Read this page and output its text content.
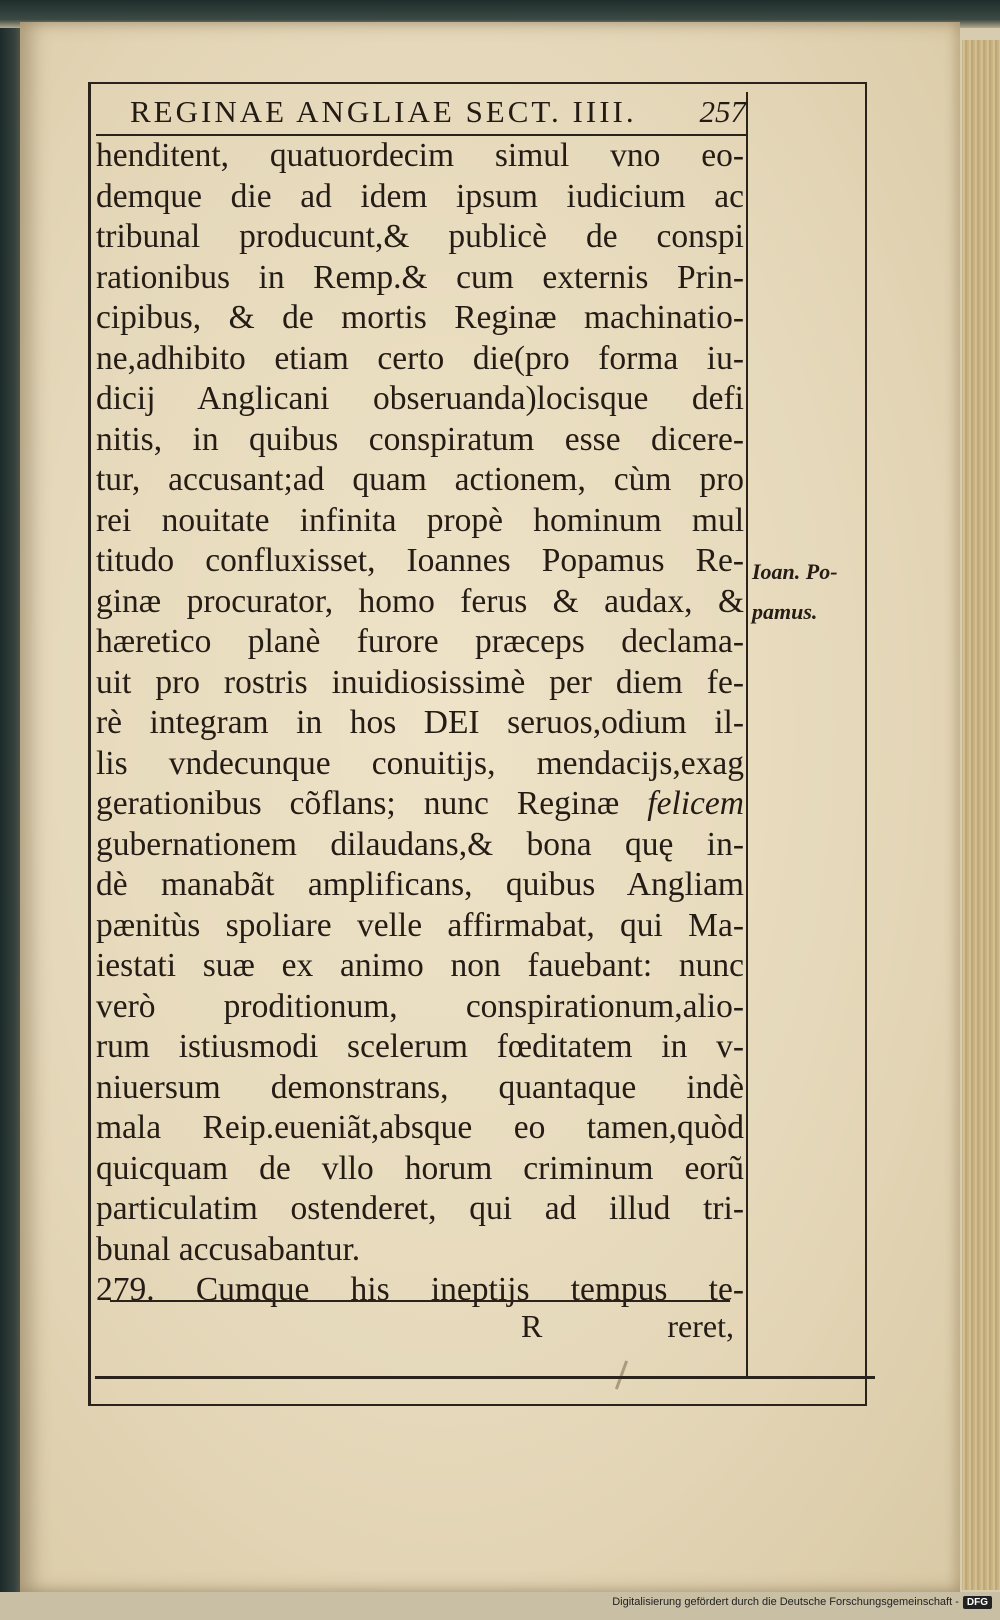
REGINAE ANGLIAE SECT. IIII. 257
henditent, quatuordecim simul vno eo-
demque die ad idem ipsum iudicium ac
tribunal producunt,& publicè de conspi
rationibus in Remp.& cum externis Prin-
cipibus, & de mortis Reginæ machinatio-
ne,adhibito etiam certo die(pro forma iu-
dicij Anglicani obseruanda)locisque defi
nitis, in quibus conspiratum esse dicere-
tur, accusant;ad quam actionem, cùm pro
rei nouitate infinita propè hominum mul
titudo confluxisset, Ioannes Popamus Re-
ginæ procurator, homo ferus & audax, &
hæretico planè furore præceps declama-
uit pro rostris inuidiosissimè per diem fe-
rè integram in hos DEI seruos,odium il-
lis vndecunque conuitijs, mendacijs,exag
gerationibus cõflans; nunc Reginæ felicem
gubernationem dilaudans,& bona quę in-
dè manabãt amplificans, quibus Angliam
pænitùs spoliare velle affirmabat, qui Ma-
iestati suæ ex animo non fauebant: nunc
verò proditionum, conspirationum,alio-
rum istiusmodi scelerum fœditatem in v-
niuersum demonstrans, quantaque indè
mala Reip.eueniãt,absque eo tamen,quòd
quicquam de vllo horum criminum eorũ
particulatim ostenderet, qui ad illud tri-
bunal accusabantur.
279. Cumque his ineptijs tempus te-
Ioan. Po-
pamus.
R	reret,
Digitalisierung gefördert durch die Deutsche Forschungsgemeinschaft - DFG
